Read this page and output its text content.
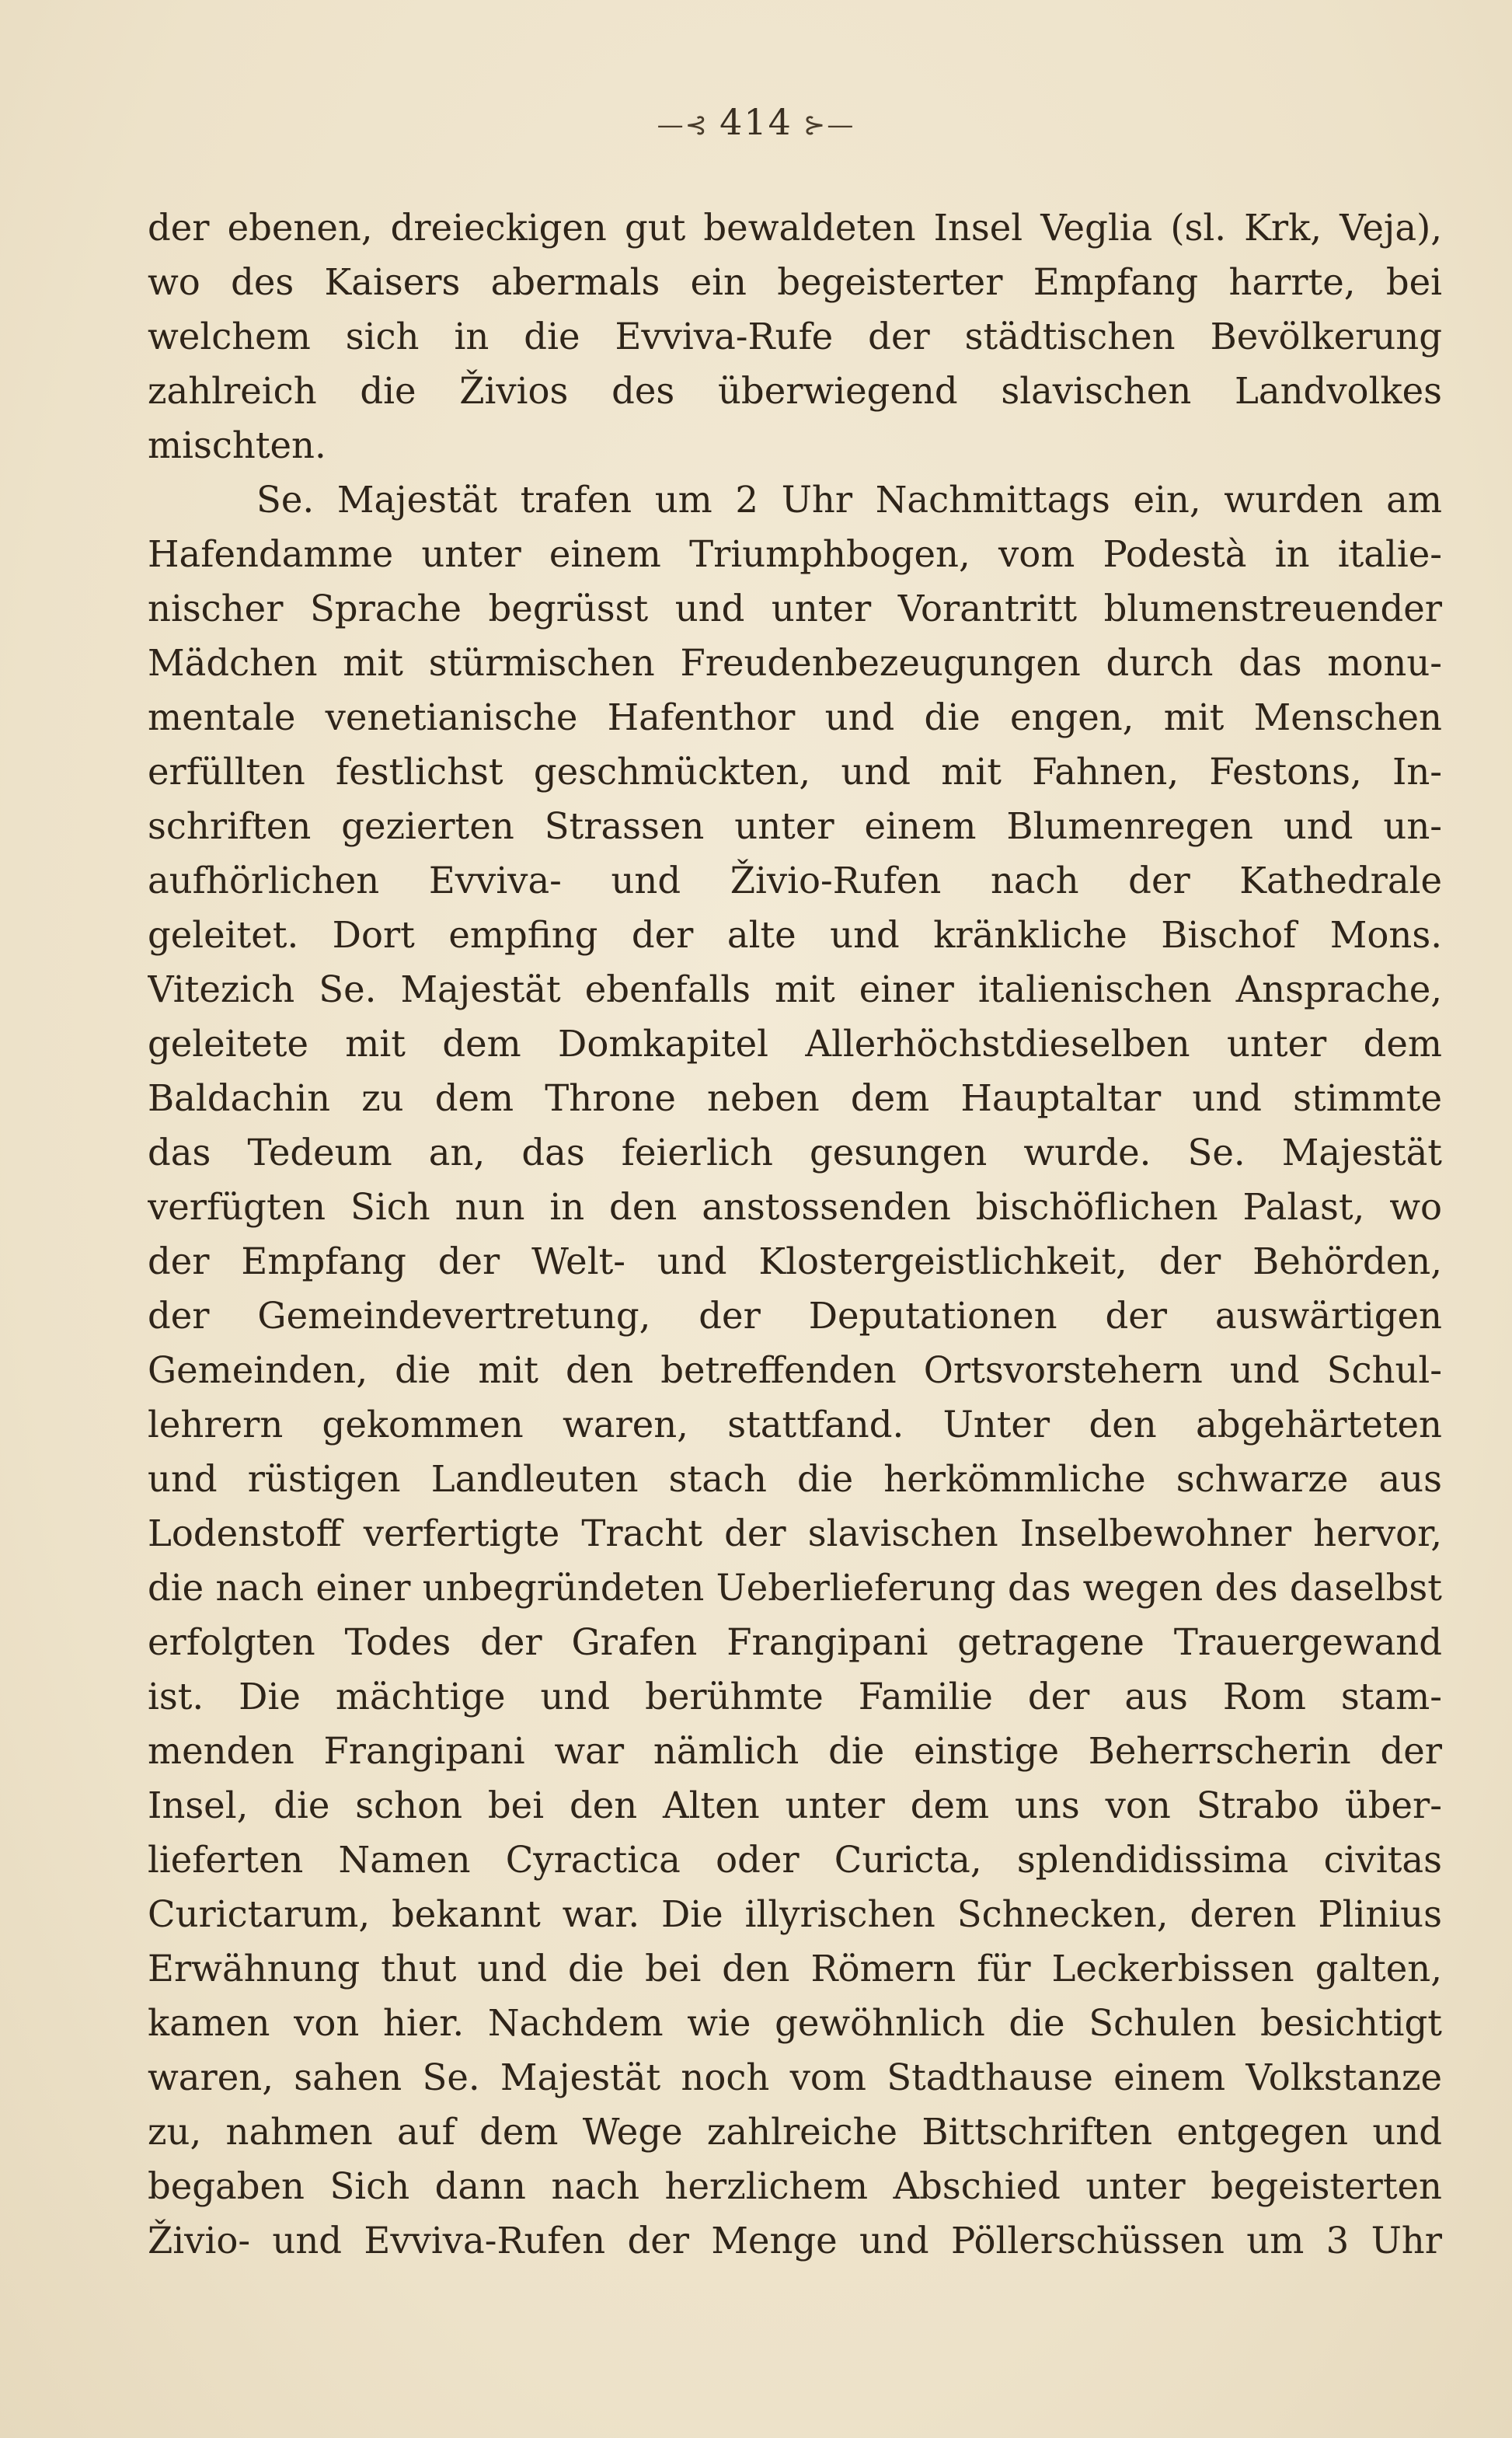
—⊰ 414 ⊱—
der ebenen, dreieckigen gut bewaldeten Insel Veglia (sl. Krk, Veja),
wo des Kaisers abermals ein begeisterter Empfang harrte, bei
welchem sich in die Evviva-Rufe der städtischen Bevölkerung
zahlreich die Živios des überwiegend slavischen Landvolkes
mischten.
Se. Majestät trafen um 2 Uhr Nachmittags ein, wurden am
Hafendamme unter einem Triumphbogen, vom Podestà in italie-
nischer Sprache begrüsst und unter Vorantritt blumenstreuender
Mädchen mit stürmischen Freudenbezeugungen durch das monu-
mentale venetianische Hafenthor und die engen, mit Menschen
erfüllten festlichst geschmückten, und mit Fahnen, Festons, In-
schriften gezierten Strassen unter einem Blumenregen und un-
aufhörlichen Evviva- und Živio-Rufen nach der Kathedrale
geleitet. Dort empfing der alte und kränkliche Bischof Mons.
Vitezich Se. Majestät ebenfalls mit einer italienischen Ansprache,
geleitete mit dem Domkapitel Allerhöchstdieselben unter dem
Baldachin zu dem Throne neben dem Hauptaltar und stimmte
das Tedeum an, das feierlich gesungen wurde. Se. Majestät
verfügten Sich nun in den anstossenden bischöflichen Palast, wo
der Empfang der Welt- und Klostergeistlichkeit, der Behörden,
der Gemeindevertretung, der Deputationen der auswärtigen
Gemeinden, die mit den betreffenden Ortsvorstehern und Schul-
lehrern gekommen waren, stattfand. Unter den abgehärteten
und rüstigen Landleuten stach die herkömmliche schwarze aus
Lodenstoff verfertigte Tracht der slavischen Inselbewohner hervor,
die nach einer unbegründeten Ueberlieferung das wegen des daselbst
erfolgten Todes der Grafen Frangipani getragene Trauergewand
ist. Die mächtige und berühmte Familie der aus Rom stam-
menden Frangipani war nämlich die einstige Beherrscherin der
Insel, die schon bei den Alten unter dem uns von Strabo über-
lieferten Namen Cyractica oder Curicta, splendidissima civitas
Curictarum, bekannt war. Die illyrischen Schnecken, deren Plinius
Erwähnung thut und die bei den Römern für Leckerbissen galten,
kamen von hier. Nachdem wie gewöhnlich die Schulen besichtigt
waren, sahen Se. Majestät noch vom Stadthause einem Volkstanze
zu, nahmen auf dem Wege zahlreiche Bittschriften entgegen und
begaben Sich dann nach herzlichem Abschied unter begeisterten
Živio- und Evviva-Rufen der Menge und Pöllerschüssen um 3 Uhr
